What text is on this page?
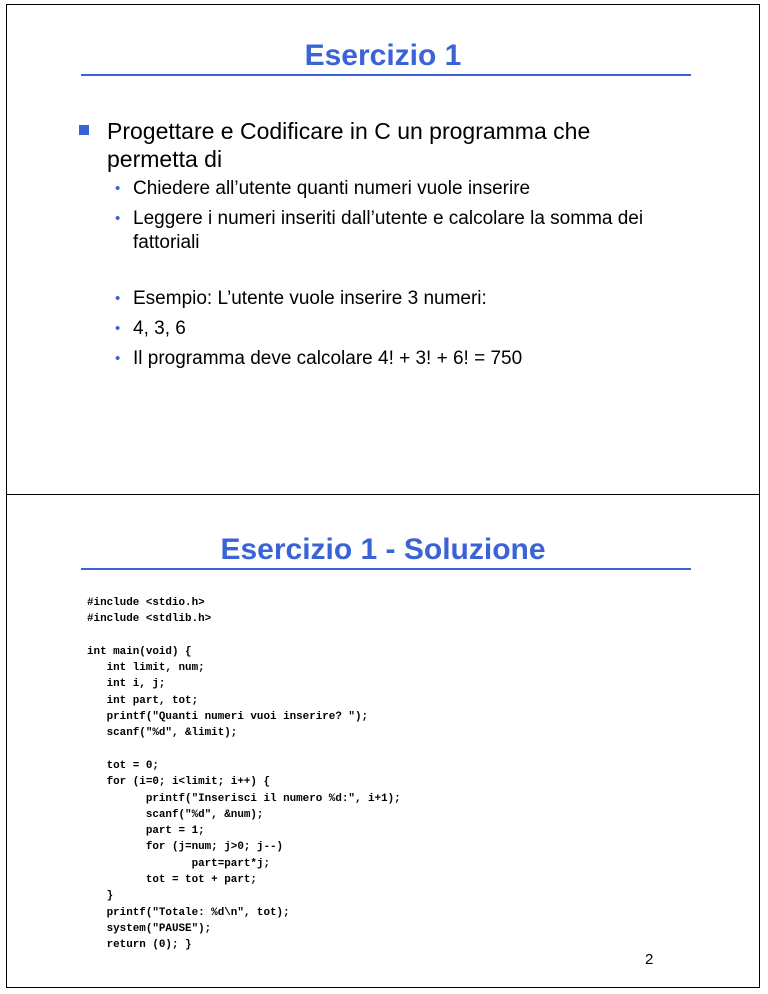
Esercizio 1
Progettare e Codificare in C un programma che permetta di
• Chiedere all’utente quanti numeri vuole inserire
• Leggere i numeri inseriti dall’utente e calcolare la somma dei fattoriali
• Esempio: L’utente vuole inserire 3 numeri:
• 4, 3, 6
• Il programma deve calcolare 4! + 3! + 6! = 750
Esercizio 1 - Soluzione
#include <stdio.h>
#include <stdlib.h>

int main(void) {
int limit, num;
int i, j;
int part, tot;
printf("Quanti numeri vuoi inserire? ");
scanf("%d", &limit);

tot = 0;
for (i=0; i<limit; i++) {
printf("Inserisci il numero %d:", i+1);
scanf("%d", &num);
part = 1;
for (j=num; j>0; j--)
part=part*j;
tot = tot + part;
}
printf("Totale: %d\n", tot);
system("PAUSE");
return (0); }
2
